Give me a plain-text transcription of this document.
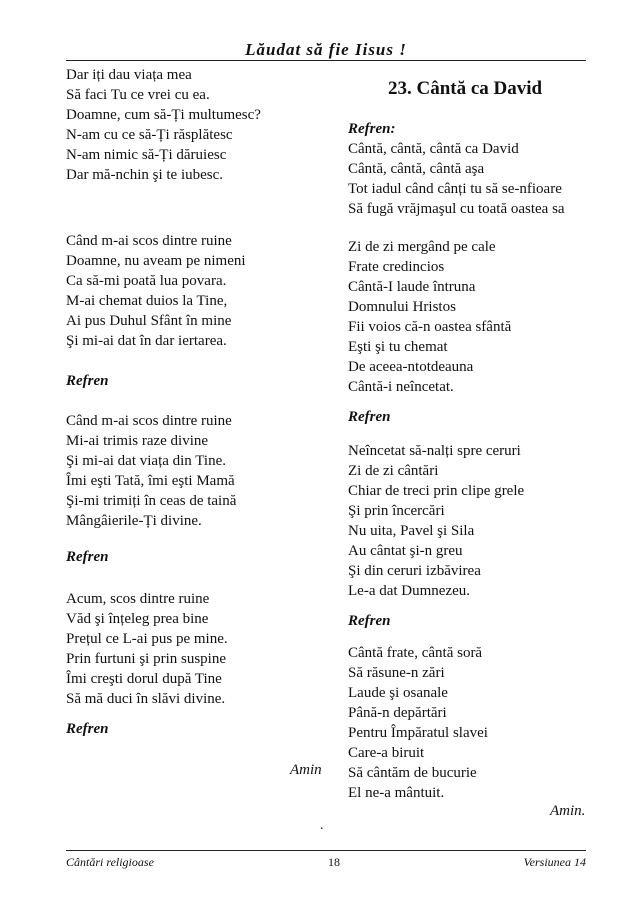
Lăudat să fie Iisus !
Dar iți dau viața mea
Să faci Tu ce vrei cu ea.
Doamne, cum să-Ți multumesc?
N-am cu ce să-Ți răsplătesc
N-am nimic să-Ți dăruiesc
Dar mă-nchin şi te iubesc.
Când m-ai scos dintre ruine
Doamne, nu aveam pe nimeni
Ca să-mi poată lua povara.
M-ai chemat duios la Tine,
Ai pus Duhul Sfânt în mine
Şi mi-ai dat în dar iertarea.
Refren
Când m-ai scos dintre ruine
Mi-ai trimis raze divine
Şi mi-ai dat viața din Tine.
Îmi eşti Tată, îmi eşti Mamă
Şi-mi trimiți în ceas de taină
Mângâierile-Ți divine.
Refren
Acum, scos dintre ruine
Văd şi înțeleg prea bine
Prețul ce L-ai pus pe mine.
Prin furtuni şi prin suspine
Îmi creşti dorul după Tine
Să mă duci în slăvi divine.
Refren
Amin
23. Cântă ca David
Refren:
Cântă, cântă, cântă ca David
Cântă, cântă, cântă aşa
Tot iadul când cânți tu să se-nfioare
Să fugă vrăjmaşul cu toată oastea sa
Zi de zi mergând pe cale
Frate credincios
Cântă-I laude întruna
Domnului Hristos
Fii voios că-n oastea sfântă
Eşti şi tu chemat
De aceea-ntotdeauna
Cântă-i neîncetat.
Refren
Neîncetat să-nalți spre ceruri
Zi de zi cântări
Chiar de treci prin clipe grele
Şi prin încercări
Nu uita, Pavel şi Sila
Au cântat şi-n greu
Şi din ceruri izbăvirea
Le-a dat Dumnezeu.
Refren
Cântă frate, cântă soră
Să răsune-n zări
Laude şi osanale
Până-n depărtări
Pentru Împăratul slavei
Care-a biruit
Să cântăm de bucurie
El ne-a mântuit.
Amin.
.
Cântări religioase	18	Versiunea 14
